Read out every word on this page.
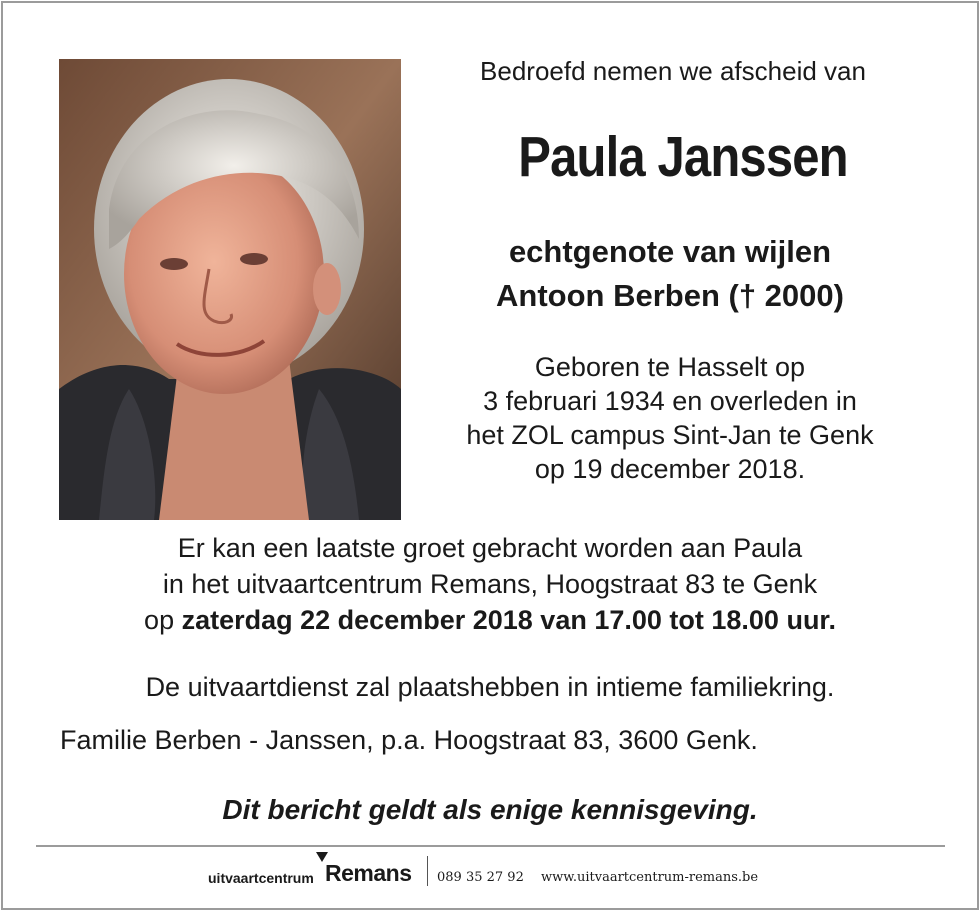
Bedroefd nemen we afscheid van
Paula Janssen
echtgenote van wijlen
Antoon Berben († 2000)
Geboren te Hasselt op
3 februari 1934 en overleden in
het ZOL campus Sint-Jan te Genk
op 19 december 2018.
Er kan een laatste groet gebracht worden aan Paula
in het uitvaartcentrum Remans, Hoogstraat 83 te Genk
op zaterdag 22 december 2018 van 17.00 tot 18.00 uur.
De uitvaartdienst zal plaatshebben in intieme familiekring.
Familie Berben - Janssen, p.a. Hoogstraat 83, 3600 Genk.
Dit bericht geldt als enige kennisgeving.
uitvaartcentrum Remans 089 35 27 92 www.uitvaartcentrum-remans.be
